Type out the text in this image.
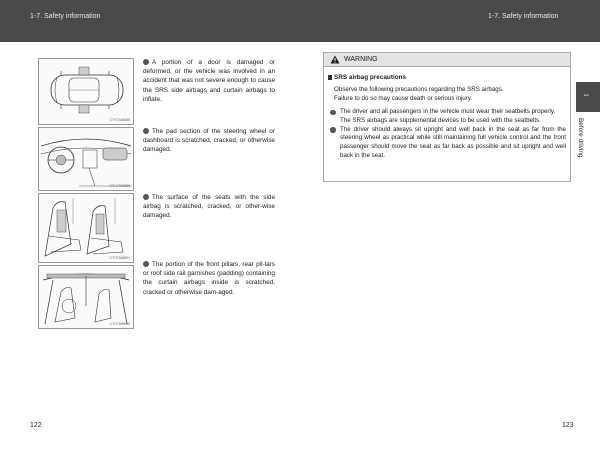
1-7. Safety information	1-7. Safety information
CTH7AW888
CTH7AW889
CTH7AW891
CTH7AW892
A portion of a door is damaged or deformed, or the vehicle was involved in an accident that was not severe enough to cause the SRS side airbags and curtain airbags to inflate.
The pad section of the steering wheel or dashboard is scratched, cracked, or otherwise damaged.
The surface of the seats with the side airbag is scratched, cracked, or other-wise damaged.
The portion of the front pillars, rear pil-lars or roof side rail garnishes (padding) containing the curtain airbags inside is scratched, cracked or otherwise dam-aged.
WARNING
SRS airbag precautions
Observe the following precautions regarding the SRS airbags.
Failure to do so may cause death or serious injury.

The driver and all passengers in the vehicle must wear their seatbelts properly.

The SRS airbags are supplemental devices to be used with the seatbelts.

The driver should always sit upright and well back in the seat as far from the steering wheel as practical while still maintaining full vehicle control and the front passenger should move the seat as far back as possible and sit upright and well back in the seat.

1
Before driving
122	123
